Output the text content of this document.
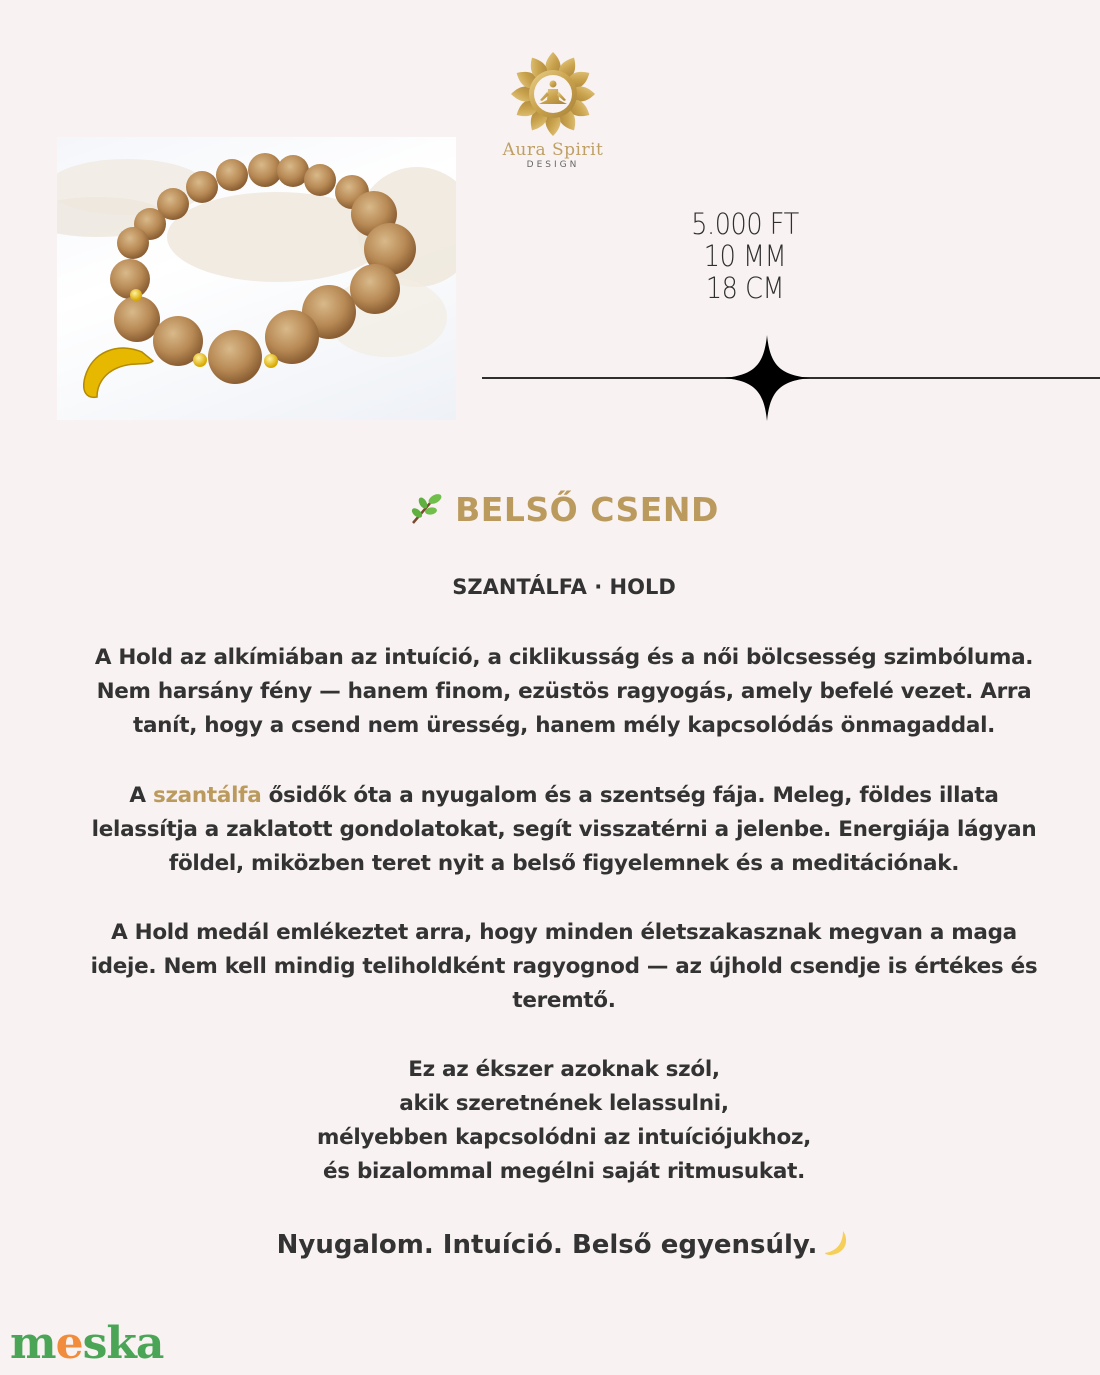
Aura Spirit
DESIGN
5.000 FT
10 MM
18 CM
BELSŐ CSEND
SZANTÁLFA · HOLD
A Hold az alkímiában az intuíció, a ciklikusság és a női bölcsesség szimbóluma.
Nem harsány fény — hanem finom, ezüstös ragyogás, amely befelé vezet. Arra
tanít, hogy a csend nem üresség, hanem mély kapcsolódás önmagaddal.
A szantálfa ősidők óta a nyugalom és a szentség fája. Meleg, földes illata
lelassítja a zaklatott gondolatokat, segít visszatérni a jelenbe. Energiája lágyan
földel, miközben teret nyit a belső figyelemnek és a meditációnak.
A Hold medál emlékeztet arra, hogy minden életszakasznak megvan a maga
ideje. Nem kell mindig teliholdként ragyognod — az újhold csendje is értékes és
teremtő.
Ez az ékszer azoknak szól,
akik szeretnének lelassulni,
mélyebben kapcsolódni az intuíciójukhoz,
és bizalommal megélni saját ritmusukat.
Nyugalom. Intuíció. Belső egyensúly.
meska
